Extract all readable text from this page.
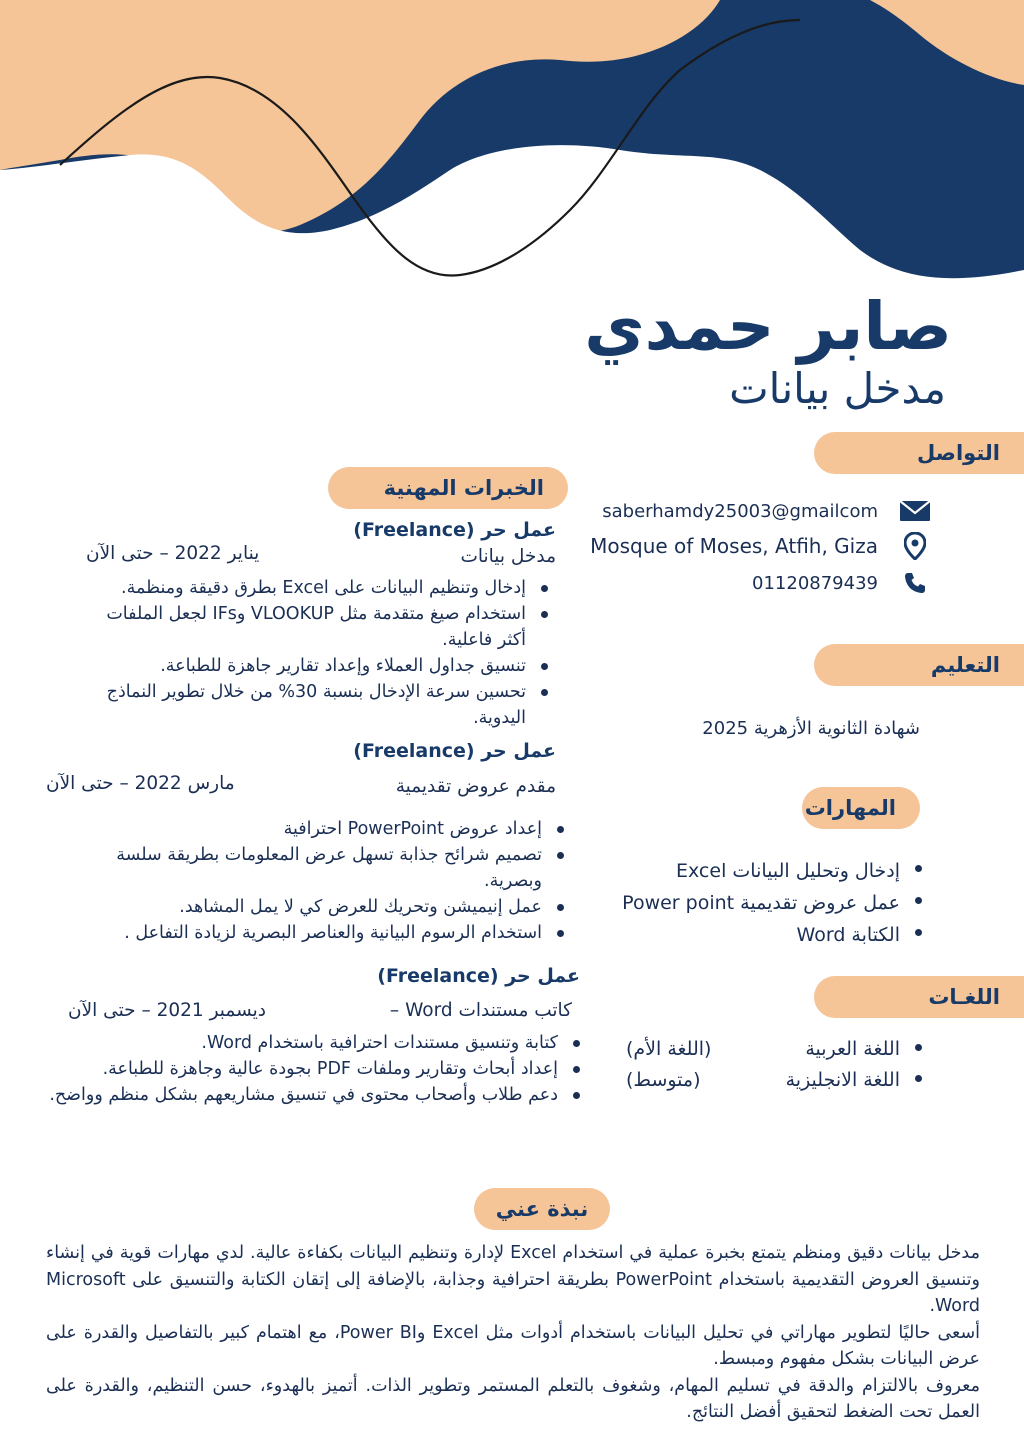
صابر حمدي
مدخل بيانات
التواصل
saberhamdy25003@gmailcom
Mosque of Moses, Atfih, Giza
01120879439
التعليم
شهادة الثانوية الأزهرية 2025
المهارات
إدخال وتحليل البيانات Excel
عمل عروض تقديمية Power point
الكتابة Word
اللغـات
اللغة العربية
(اللغة الأم)
اللغة الانجليزية
(متوسط)
الخبرات المهنية
عمل حر (Freelance)
مدخل بيانات
يناير 2022 – حتى الآن
إدخال وتنظيم البيانات على Excel بطرق دقيقة ومنظمة.
استخدام صيغ متقدمة مثل VLOOKUP وIFs لجعل الملفات أكثر فاعلية.
تنسيق جداول العملاء وإعداد تقارير جاهزة للطباعة.
تحسين سرعة الإدخال بنسبة 30% من خلال تطوير النماذج اليدوية.
عمل حر (Freelance)
مقدم عروض تقديمية
مارس 2022 – حتى الآن
إعداد عروض PowerPoint احترافية
تصميم شرائح جذابة تسهل عرض المعلومات بطريقة سلسة وبصرية.
عمل إنيميشن وتحريك للعرض كي لا يمل المشاهد.
استخدام الرسوم البيانية والعناصر البصرية لزيادة التفاعل .
عمل حر (Freelance)
كاتب مستندات Word –
ديسمبر 2021 – حتى الآن
كتابة وتنسيق مستندات احترافية باستخدام Word.
إعداد أبحاث وتقارير وملفات PDF بجودة عالية وجاهزة للطباعة.
دعم طلاب وأصحاب محتوى في تنسيق مشاريعهم بشكل منظم وواضح.
نبذة عني

مدخل بيانات دقيق ومنظم يتمتع بخبرة عملية في استخدام Excel لإدارة وتنظيم البيانات بكفاءة عالية. لدي مهارات قوية في إنشاء وتنسيق العروض التقديمية باستخدام PowerPoint بطريقة احترافية وجذابة، بالإضافة إلى إتقان الكتابة والتنسيق على Microsoft Word.

أسعى حاليًا لتطوير مهاراتي في تحليل البيانات باستخدام أدوات مثل Excel وPower BI، مع اهتمام كبير بالتفاصيل والقدرة على عرض البيانات بشكل مفهوم ومبسط.

معروف بالالتزام والدقة في تسليم المهام، وشغوف بالتعلم المستمر وتطوير الذات. أتميز بالهدوء، حسن التنظيم، والقدرة على العمل تحت الضغط لتحقيق أفضل النتائج.
